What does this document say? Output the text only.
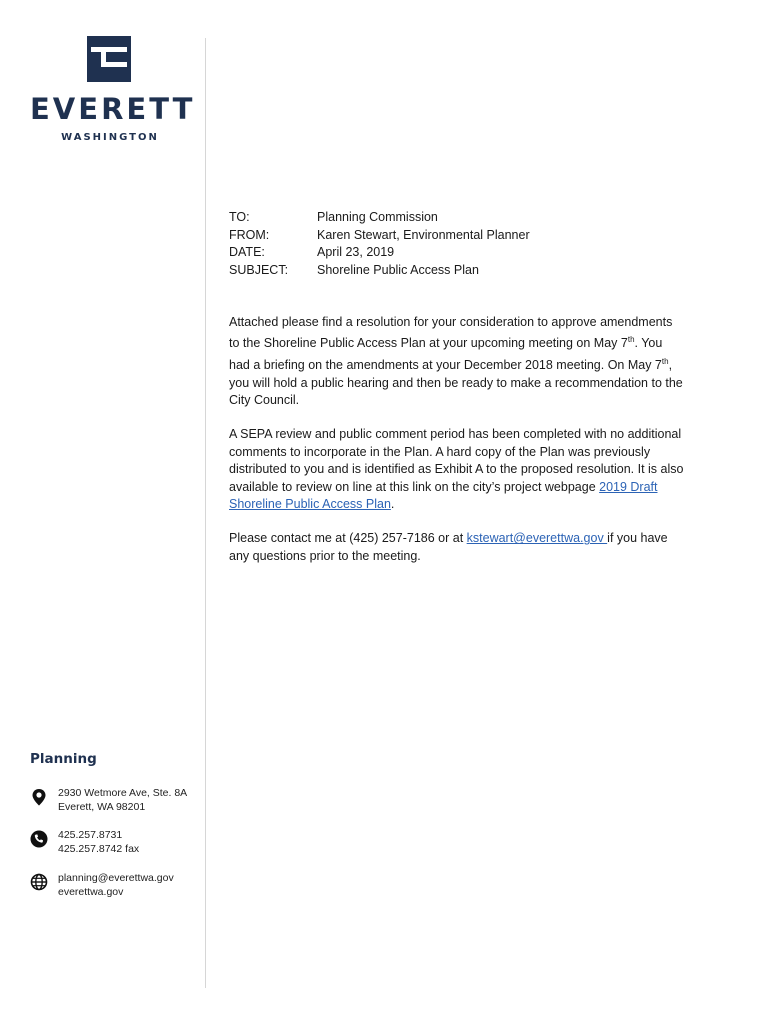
EVERETT
WASHINGTON
TO:	Planning Commission
FROM:	Karen Stewart, Environmental Planner
DATE:	April 23, 2019
SUBJECT:	Shoreline Public Access Plan

Attached please find a resolution for your consideration to approve amendments to the Shoreline Public Access Plan at your upcoming meeting on May 7th. You had a briefing on the amendments at your December 2018 meeting. On May 7th, you will hold a public hearing and then be ready to make a recommendation to the City Council.

A SEPA review and public comment period has been completed with no additional comments to incorporate in the Plan. A hard copy of the Plan was previously distributed to you and is identified as Exhibit A to the proposed resolution. It is also available to review on line at this link on the city’s project webpage 2019 Draft Shoreline Public Access Plan.

Please contact me at (425) 257-7186 or at kstewart@everettwa.gov if you have any questions prior to the meeting.

Planning
2930 Wetmore Ave, Ste. 8A
Everett, WA 98201
425.257.8731
425.257.8742 fax
planning@everettwa.gov
everettwa.gov
